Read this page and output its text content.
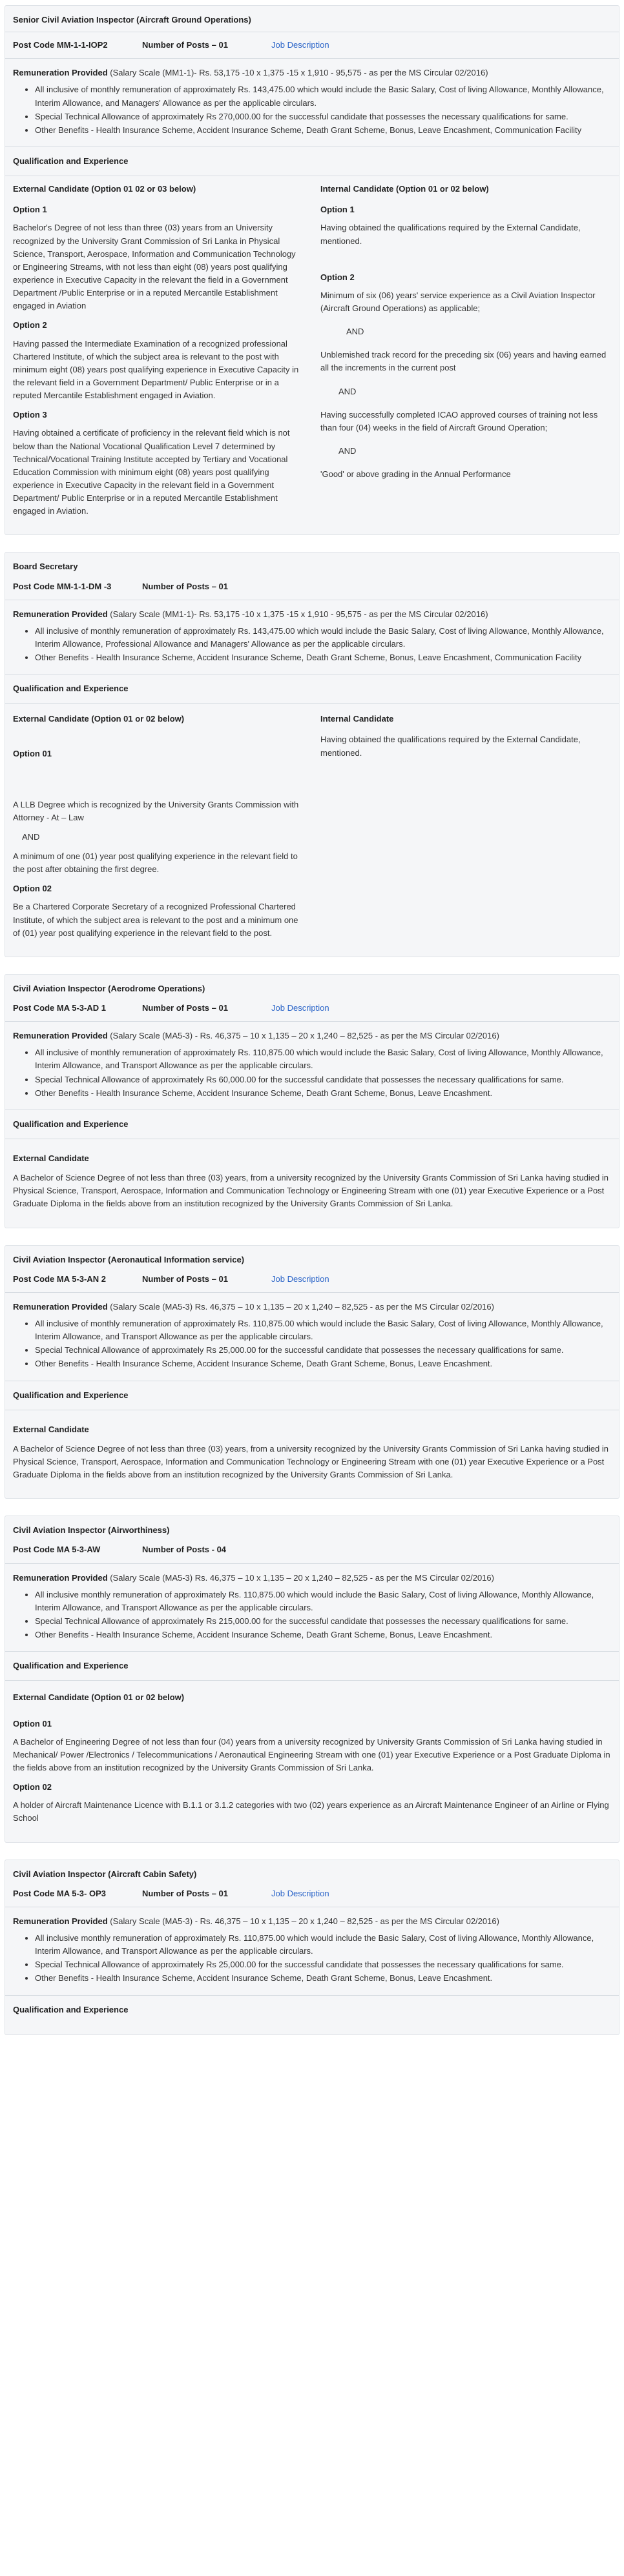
Senior Civil Aviation Inspector (Aircraft Ground Operations)
Post Code MM-1-1-IOP2	Number of Posts – 01	Job Description
Remuneration Provided (Salary Scale (MM1-1)- Rs. 53,175 -10 x 1,375 -15 x 1,910 - 95,575 - as per the MS Circular 02/2016)
• All inclusive of monthly remuneration of approximately Rs. 143,475.00 which would include the Basic Salary, Cost of living Allowance, Monthly Allowance, Interim Allowance, and Managers' Allowance as per the applicable circulars.
• Special Technical Allowance of approximately Rs 270,000.00 for the successful candidate that possesses the necessary qualifications for same.
• Other Benefits - Health Insurance Scheme, Accident Insurance Scheme, Death Grant Scheme, Bonus, Leave Encashment, Communication Facility
Qualification and Experience
External Candidate (Option 01 02 or 03 below)
Option 1
Bachelor's Degree of not less than three (03) years from an University recognized by the University Grant Commission of Sri Lanka in Physical Science, Transport, Aerospace, Information and Communication Technology or Engineering Streams, with not less than eight (08) years post qualifying experience in Executive Capacity in the relevant the field in a Government Department /Public Enterprise or in a reputed Mercantile Establishment engaged in Aviation
Option 2
Having passed the Intermediate Examination of a recognized professional Chartered Institute, of which the subject area is relevant to the post with minimum eight (08) years post qualifying experience in Executive Capacity in the relevant field in a Government Department/ Public Enterprise or in a reputed Mercantile Establishment engaged in Aviation.
Option 3
Having obtained a certificate of proficiency in the relevant field which is not below than the National Vocational Qualification Level 7 determined by Technical/Vocational Training Institute accepted by Tertiary and Vocational Education Commission with minimum eight (08) years post qualifying experience in Executive Capacity in the relevant field in a Government Department/ Public Enterprise or in a reputed Mercantile Establishment engaged in Aviation.
Internal Candidate (Option 01 or 02 below)
Option 1
Having obtained the qualifications required by the External Candidate, mentioned.
Option 2
Minimum of six (06) years' service experience as a Civil Aviation Inspector (Aircraft Ground Operations) as applicable;
AND
Unblemished track record for the preceding six (06) years and having earned all the increments in the current post
AND
Having successfully completed ICAO approved courses of training not less than four (04) weeks in the field of Aircraft Ground Operation;
AND
'Good' or above grading in the Annual Performance
Board Secretary
Post Code MM-1-1-DM -3	Number of Posts – 01
Remuneration Provided (Salary Scale (MM1-1)- Rs. 53,175 -10 x 1,375 -15 x 1,910 - 95,575 - as per the MS Circular 02/2016)
• All inclusive of monthly remuneration of approximately Rs. 143,475.00 which would include the Basic Salary, Cost of living Allowance, Monthly Allowance, Interim Allowance, Professional Allowance and Managers' Allowance as per the applicable circulars.
• Other Benefits - Health Insurance Scheme, Accident Insurance Scheme, Death Grant Scheme, Bonus, Leave Encashment, Communication Facility
Qualification and Experience
External Candidate (Option 01 or 02 below)
Option 01
A LLB Degree which is recognized by the University Grants Commission with Attorney - At – Law
AND
A minimum of one (01) year post qualifying experience in the relevant field to the post after obtaining the first degree.
Option 02
Be a Chartered Corporate Secretary of a recognized Professional Chartered Institute, of which the subject area is relevant to the post and a minimum one of (01) year post qualifying experience in the relevant field to the post.
Internal Candidate
Having obtained the qualifications required by the External Candidate, mentioned.
Civil Aviation Inspector (Aerodrome Operations)
Post Code MA 5-3-AD 1	Number of Posts – 01	Job Description
Remuneration Provided (Salary Scale (MA5-3) - Rs. 46,375 – 10 x 1,135 – 20 x 1,240 – 82,525 - as per the MS Circular 02/2016)
• All inclusive of monthly remuneration of approximately Rs. 110,875.00 which would include the Basic Salary, Cost of living Allowance, Monthly Allowance, Interim Allowance, and Transport Allowance as per the applicable circulars.
• Special Technical Allowance of approximately Rs 60,000.00 for the successful candidate that possesses the necessary qualifications for same.
• Other Benefits - Health Insurance Scheme, Accident Insurance Scheme, Death Grant Scheme, Bonus, Leave Encashment.
Qualification and Experience
External Candidate
A Bachelor of Science Degree of not less than three (03) years, from a university recognized by the University Grants Commission of Sri Lanka having studied in Physical Science, Transport, Aerospace, Information and Communication Technology or Engineering Stream with one (01) year Executive Experience or a Post Graduate Diploma in the fields above from an institution recognized by the University Grants Commission of Sri Lanka.
Civil Aviation Inspector (Aeronautical Information service)
Post Code MA 5-3-AN 2	Number of Posts – 01	Job Description
Remuneration Provided (Salary Scale (MA5-3) Rs. 46,375 – 10 x 1,135 – 20 x 1,240 – 82,525 - as per the MS Circular 02/2016)
• All inclusive of monthly remuneration of approximately Rs. 110,875.00 which would include the Basic Salary, Cost of living Allowance, Monthly Allowance, Interim Allowance, and Transport Allowance as per the applicable circulars.
• Special Technical Allowance of approximately Rs 25,000.00 for the successful candidate that possesses the necessary qualifications for same.
• Other Benefits - Health Insurance Scheme, Accident Insurance Scheme, Death Grant Scheme, Bonus, Leave Encashment.
Qualification and Experience
External Candidate
A Bachelor of Science Degree of not less than three (03) years, from a university recognized by the University Grants Commission of Sri Lanka having studied in Physical Science, Transport, Aerospace, Information and Communication Technology or Engineering Stream with one (01) year Executive Experience or a Post Graduate Diploma in the fields above from an institution recognized by the University Grants Commission of Sri Lanka.
Civil Aviation Inspector (Airworthiness)
Post Code MA 5-3-AW	Number of Posts - 04
Remuneration Provided (Salary Scale (MA5-3) Rs. 46,375 – 10 x 1,135 – 20 x 1,240 – 82,525 - as per the MS Circular 02/2016)
• All inclusive monthly remuneration of approximately Rs. 110,875.00 which would include the Basic Salary, Cost of living Allowance, Monthly Allowance, Interim Allowance, and Transport Allowance as per the applicable circulars.
• Special Technical Allowance of approximately Rs 215,000.00 for the successful candidate that possesses the necessary qualifications for same.
• Other Benefits - Health Insurance Scheme, Accident Insurance Scheme, Death Grant Scheme, Bonus, Leave Encashment.
Qualification and Experience
External Candidate (Option 01 or 02 below)
Option 01
A Bachelor of Engineering Degree of not less than four (04) years from a university recognized by University Grants Commission of Sri Lanka having studied in Mechanical/ Power /Electronics / Telecommunications / Aeronautical Engineering Stream with one (01) year Executive Experience or a Post Graduate Diploma in the fields above from an institution recognized by the University Grants Commission of Sri Lanka.
Option 02
A holder of Aircraft Maintenance Licence with B.1.1 or 3.1.2 categories with two (02) years experience as an Aircraft Maintenance Engineer of an Airline or Flying School
Civil Aviation Inspector (Aircraft Cabin Safety)
Post Code MA 5-3- OP3	Number of Posts – 01	Job Description
Remuneration Provided (Salary Scale (MA5-3) - Rs. 46,375 – 10 x 1,135 – 20 x 1,240 – 82,525 - as per the MS Circular 02/2016)
• All inclusive monthly remuneration of approximately Rs. 110,875.00 which would include the Basic Salary, Cost of living Allowance, Monthly Allowance, Interim Allowance, and Transport Allowance as per the applicable circulars.
• Special Technical Allowance of approximately Rs 25,000.00 for the successful candidate that possesses the necessary qualifications for same.
• Other Benefits - Health Insurance Scheme, Accident Insurance Scheme, Death Grant Scheme, Bonus, Leave Encashment.
Qualification and Experience
